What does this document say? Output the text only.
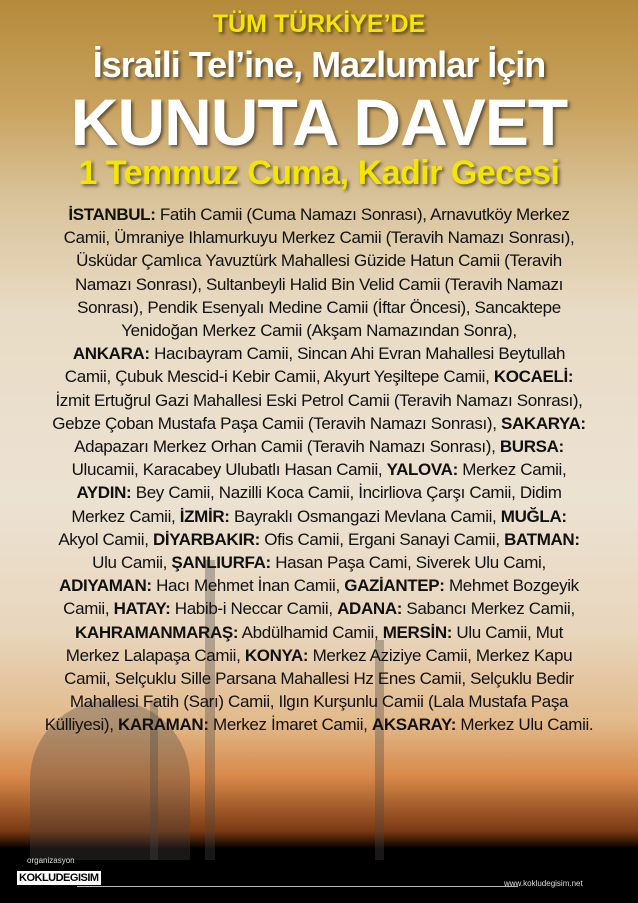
TÜM TÜRKİYE’DE
İsraili Tel’ine, Mazlumlar İçin
KUNUTA DAVET
1 Temmuz Cuma, Kadir Gecesi
İSTANBUL: Fatih Camii (Cuma Namazı Sonrası), Arnavutköy Merkez
Camii, Ümraniye Ihlamurkuyu Merkez Camii (Teravih Namazı Sonrası),
Üsküdar Çamlıca Yavuztürk Mahallesi Güzide Hatun Camii (Teravih
Namazı Sonrası), Sultanbeyli Halid Bin Velid Camii (Teravih Namazı
Sonrası), Pendik Esenyalı Medine Camii (İftar Öncesi), Sancaktepe
Yenidoğan Merkez Camii (Akşam Namazından Sonra),
ANKARA: Hacıbayram Camii, Sincan Ahi Evran Mahallesi Beytullah
Camii, Çubuk Mescid-i Kebir Camii, Akyurt Yeşiltepe Camii, KOCAELİ:
İzmit Ertuğrul Gazi Mahallesi Eski Petrol Camii (Teravih Namazı Sonrası),
Gebze Çoban Mustafa Paşa Camii (Teravih Namazı Sonrası), SAKARYA:
Adapazarı Merkez Orhan Camii (Teravih Namazı Sonrası), BURSA:
Ulucamii, Karacabey Ulubatlı Hasan Camii, YALOVA: Merkez Camii,
AYDIN: Bey Camii, Nazilli Koca Camii, İncirliova Çarşı Camii, Didim
Merkez Camii, İZMİR: Bayraklı Osmangazi Mevlana Camii, MUĞLA:
Akyol Camii, DİYARBAKIR: Ofis Camii, Ergani Sanayi Camii, BATMAN:
Ulu Camii, ŞANLIURFA: Hasan Paşa Cami, Siverek Ulu Cami,
ADIYAMAN: Hacı Mehmet İnan Camii, GAZİANTEP: Mehmet Bozgeyik
Camii, HATAY: Habib-i Neccar Camii, ADANA: Sabancı Merkez Camii,
KAHRAMANMARAŞ: Abdülhamid Camii, MERSİN: Ulu Camii, Mut
Merkez Lalapaşa Camii, KONYA: Merkez Aziziye Camii, Merkez Kapu
Camii, Selçuklu Sille Parsana Mahallesi Hz Enes Camii, Selçuklu Bedir
Mahallesi Fatih (Sarı) Camii, Ilgın Kurşunlu Camii (Lala Mustafa Paşa
Külliyesi), KARAMAN: Merkez İmaret Camii, AKSARAY: Merkez Ulu Camii.
organizasyon
KOKLUDEGISIM	www.kokludegisim.net
